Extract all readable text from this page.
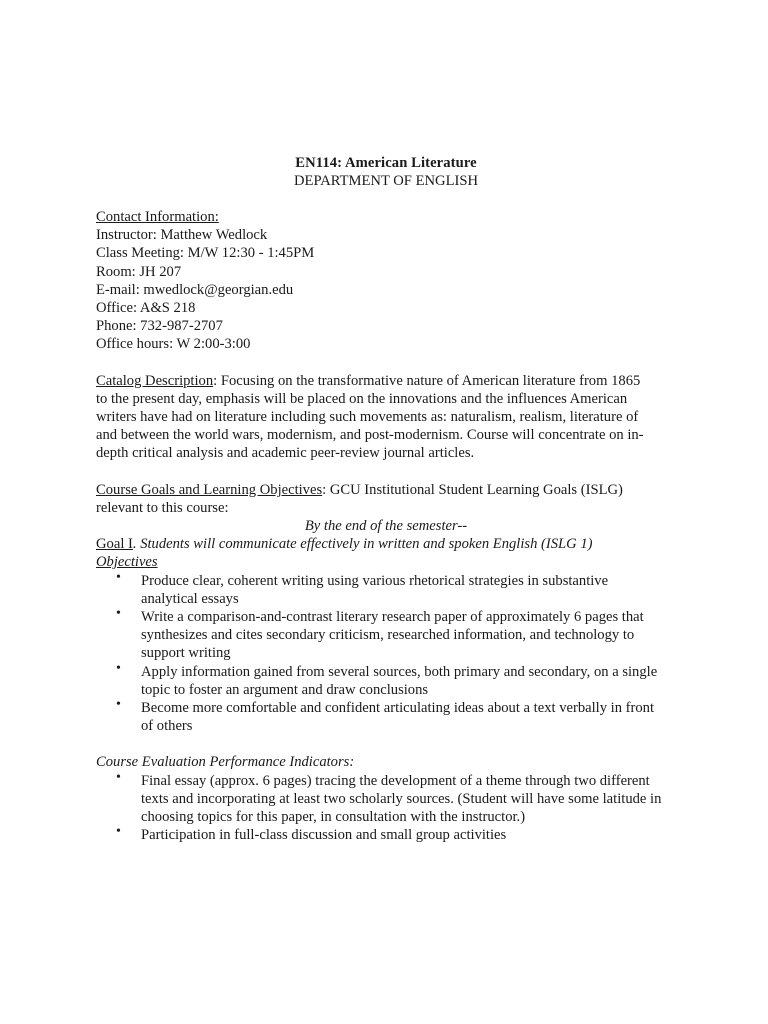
EN114: American Literature
DEPARTMENT OF ENGLISH
Contact Information:
Instructor: Matthew Wedlock
Class Meeting: M/W 12:30 - 1:45PM
Room: JH 207
E-mail: mwedlock@georgian.edu
Office: A&S 218
Phone: 732-987-2707
Office hours: W 2:00-3:00
Catalog Description: Focusing on the transformative nature of American literature from 1865
to the present day, emphasis will be placed on the innovations and the influences American
writers have had on literature including such movements as: naturalism, realism, literature of
and between the world wars, modernism, and post-modernism. Course will concentrate on in-
depth critical analysis and academic peer-review journal articles.
Course Goals and Learning Objectives: GCU Institutional Student Learning Goals (ISLG)
relevant to this course:
By the end of the semester--
Goal I. Students will communicate effectively in written and spoken English (ISLG 1)
Objectives
• Produce clear, coherent writing using various rhetorical strategies in substantive
analytical essays
• Write a comparison-and-contrast literary research paper of approximately 6 pages that
synthesizes and cites secondary criticism, researched information, and technology to
support writing
• Apply information gained from several sources, both primary and secondary, on a single
topic to foster an argument and draw conclusions
• Become more comfortable and confident articulating ideas about a text verbally in front
of others
Course Evaluation Performance Indicators:
• Final essay (approx. 6 pages) tracing the development of a theme through two different
texts and incorporating at least two scholarly sources. (Student will have some latitude in
choosing topics for this paper, in consultation with the instructor.)
• Participation in full-class discussion and small group activities
